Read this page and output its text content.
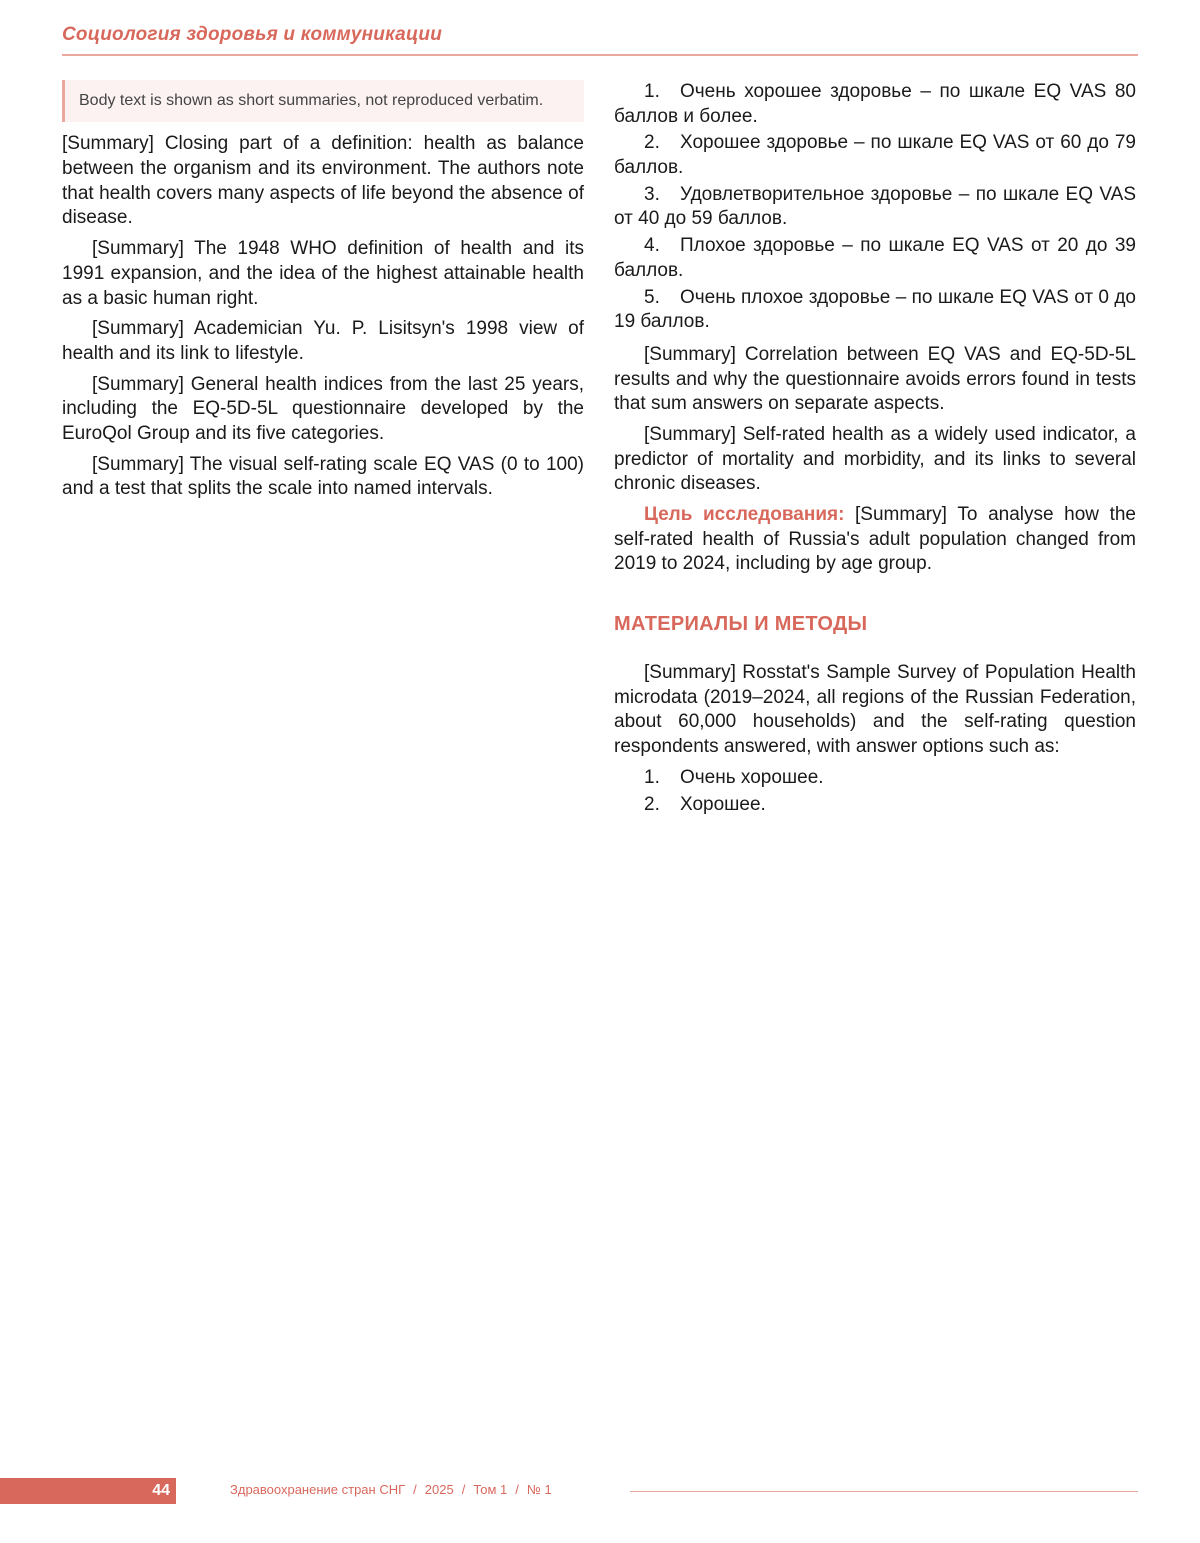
Социология здоровья и коммуникации
Body text is shown as short summaries, not reproduced verbatim.

[Summary] Closing part of a definition: health as balance between the organism and its environment. The authors note that health covers many aspects of life beyond the absence of disease.

[Summary] The 1948 WHO definition of health and its 1991 expansion, and the idea of the highest attainable health as a basic human right.

[Summary] Academician Yu. P. Lisitsyn's 1998 view of health and its link to lifestyle.

[Summary] General health indices from the last 25 years, including the EQ-5D-5L questionnaire developed by the EuroQol Group and its five categories.

[Summary] The visual self-rating scale EQ VAS (0 to 100) and a test that splits the scale into named intervals.

1. Очень хорошее здоровье – по шкале EQ VAS 80 баллов и более.
2. Хорошее здоровье – по шкале EQ VAS от 60 до 79 баллов.
3. Удовлетворительное здоровье – по шкале EQ VAS от 40 до 59 баллов.
4. Плохое здоровье – по шкале EQ VAS от 20 до 39 баллов.
5. Очень плохое здоровье – по шкале EQ VAS от 0 до 19 баллов.

[Summary] Correlation between EQ VAS and EQ-5D-5L results and why the questionnaire avoids errors found in tests that sum answers on separate aspects.

[Summary] Self-rated health as a widely used indicator, a predictor of mortality and morbidity, and its links to several chronic diseases.

Цель исследования: [Summary] To analyse how the self-rated health of Russia's adult population changed from 2019 to 2024, including by age group.

МАТЕРИАЛЫ И МЕТОДЫ

[Summary] Rosstat's Sample Survey of Population Health microdata (2019–2024, all regions of the Russian Federation, about 60,000 households) and the self-rating question respondents answered, with answer options such as:

1. Очень хорошее.
2. Хорошее.
44	Здравоохранение стран СНГ / 2025 / Том 1 / № 1
